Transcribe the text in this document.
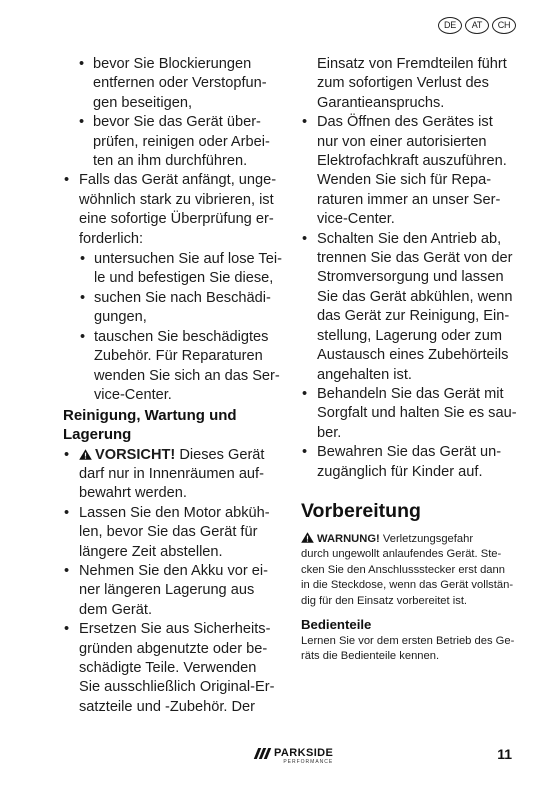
DE	AT	CH
• bevor Sie Blockierungen
entfernen oder Verstopfun-
gen beseitigen,
• bevor Sie das Gerät über-
prüfen, reinigen oder Arbei-
ten an ihm durchführen.
• Falls das Gerät anfängt, unge-
wöhnlich stark zu vibrieren, ist
eine sofortige Überprüfung er-
forderlich:
• untersuchen Sie auf lose Tei-
le und befestigen Sie diese,
• suchen Sie nach Beschädi-
gungen,
• tauschen Sie beschädigtes
Zubehör. Für Reparaturen
wenden Sie sich an das Ser-
vice-Center.
Reinigung, Wartung und
Lagerung
• VORSICHT! Dieses Gerät
darf nur in Innenräumen auf-
bewahrt werden.
• Lassen Sie den Motor abküh-
len, bevor Sie das Gerät für
längere Zeit abstellen.
• Nehmen Sie den Akku vor ei-
ner längeren Lagerung aus
dem Gerät.
• Ersetzen Sie aus Sicherheits-
gründen abgenutzte oder be-
schädigte Teile. Verwenden
Sie ausschließlich Original-Er-
satzteile und -Zubehör. Der
Einsatz von Fremdteilen führt
zum sofortigen Verlust des
Garantieanspruchs.
• Das Öffnen des Gerätes ist
nur von einer autorisierten
Elektrofachkraft auszuführen.
Wenden Sie sich für Repa-
raturen immer an unser Ser-
vice-Center.
• Schalten Sie den Antrieb ab,
trennen Sie das Gerät von der
Stromversorgung und lassen
Sie das Gerät abkühlen, wenn
das Gerät zur Reinigung, Ein-
stellung, Lagerung oder zum
Austausch eines Zubehörteils
angehalten ist.
• Behandeln Sie das Gerät mit
Sorgfalt und halten Sie es sau-
ber.
• Bewahren Sie das Gerät un-
zugänglich für Kinder auf.
Vorbereitung
WARNUNG! Verletzungsgefahr
durch ungewollt anlaufendes Gerät. Ste-
cken Sie den Anschlussstecker erst dann
in die Steckdose, wenn das Gerät vollstän-
dig für den Einsatz vorbereitet ist.
Bedienteile
Lernen Sie vor dem ersten Betrieb des Ge-
räts die Bedienteile kennen.
PARKSIDE
PERFORMANCE	11
